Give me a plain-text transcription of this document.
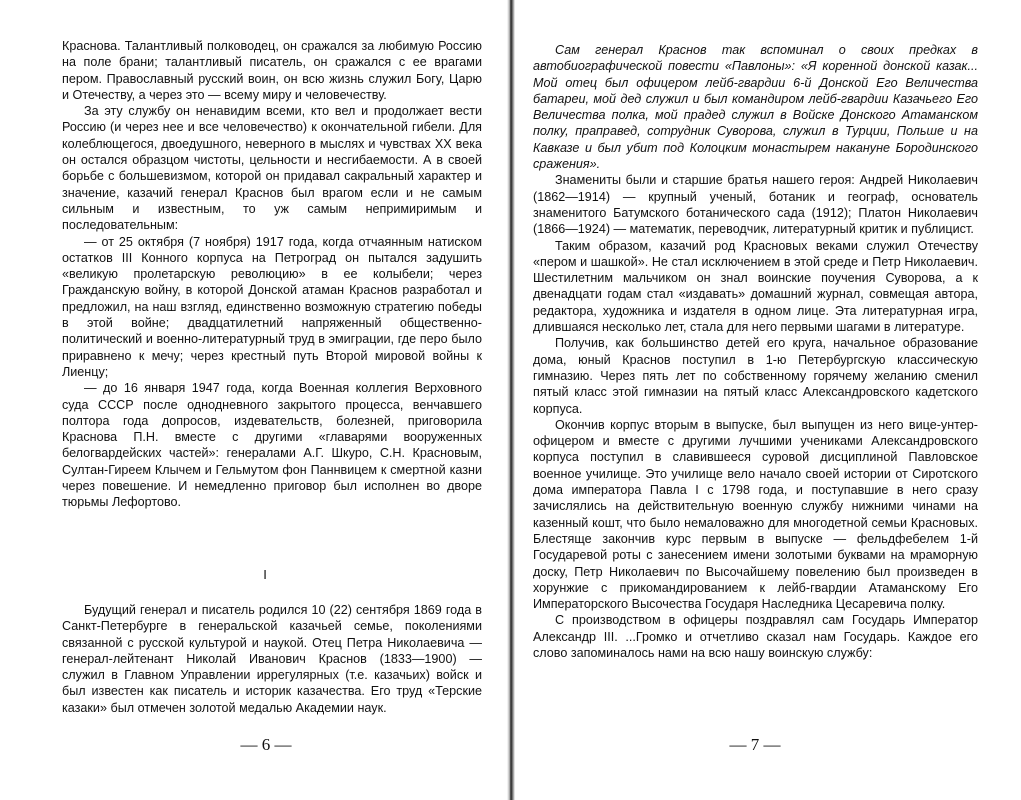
Краснова. Талантливый полководец, он сражался за любимую Россию на поле брани; талантливый писатель, он сражался с ее врагами пером. Православный русский воин, он всю жизнь служил Богу, Царю и Отечеству, а через это — всему миру и человечеству.

За эту службу он ненавидим всеми, кто вел и продолжает вести Россию (и через нее и все человечество) к окончательной гибели. Для колеблющегося, двоедушного, неверного в мыслях и чувствах XX века он остался образцом чистоты, цельности и несгибаемости. А в своей борьбе с большевизмом, которой он придавал сакральный характер и значение, казачий генерал Краснов был врагом если и не самым сильным и известным, то уж самым непримиримым и последовательным:

— от 25 октября (7 ноября) 1917 года, когда отчаянным натиском остатков III Конного корпуса на Петроград он пытался задушить «великую пролетарскую революцию» в ее колыбели; через Гражданскую войну, в которой Донской атаман Краснов разработал и предложил, на наш взгляд, единственно возможную стратегию победы в этой войне; двадцатилетний напряженный общественно-политический и военно-литературный труд в эмиграции, где перо было приравнено к мечу; через крестный путь Второй мировой войны к Лиенцу;

— до 16 января 1947 года, когда Военная коллегия Верховного суда СССР после однодневного закрытого процесса, венчавшего полтора года допросов, издевательств, болезней, приговорила Краснова П.Н. вместе с другими «главарями вооруженных белогвардейских частей»: генералами А.Г. Шкуро, С.Н. Красновым, Султан-Гиреем Клычем и Гельмутом фон Паннвицем к смертной казни через повешение. И немедленно приговор был исполнен во дворе тюрьмы Лефортово.

I

Будущий генерал и писатель родился 10 (22) сентября 1869 года в Санкт-Петербурге в генеральской казачьей семье, поколениями связанной с русской культурой и наукой. Отец Петра Николаевича — генерал-лейтенант Николай Иванович Краснов (1833—1900) — служил в Главном Управлении иррегулярных (т.е. казачьих) войск и был известен как писатель и историк казачества. Его труд «Терские казаки» был отмечен золотой медалью Академии наук.

— 6 —

Сам генерал Краснов так вспоминал о своих предках в автобиографической повести «Павлоны»: «Я коренной донской казак... Мой отец был офицером лейб-гвардии 6-й Донской Его Величества батареи, мой дед служил и был командиром лейб-гвардии Казачьего Его Величества полка, мой прадед служил в Войске Донского Атаманском полку, праправед, сотрудник Суворова, служил в Турции, Польше и на Кавказе и был убит под Колоцким монастырем накануне Бородинского сражения».

Знамениты были и старшие братья нашего героя: Андрей Николаевич (1862—1914) — крупный ученый, ботаник и географ, основатель знаменитого Батумского ботанического сада (1912); Платон Николаевич (1866—1924) — математик, переводчик, литературный критик и публицист.

Таким образом, казачий род Красновых веками служил Отечеству «пером и шашкой». Не стал исключением в этой среде и Петр Николаевич. Шестилетним мальчиком он знал воинские поучения Суворова, а к двенадцати годам стал «издавать» домашний журнал, совмещая автора, редактора, художника и издателя в одном лице. Эта литературная игра, длившаяся несколько лет, стала для него первыми шагами в литературе.

Получив, как большинство детей его круга, начальное образование дома, юный Краснов поступил в 1-ю Петербургскую классическую гимназию. Через пять лет по собственному горячему желанию сменил пятый класс этой гимназии на пятый класс Александровского кадетского корпуса.

Окончив корпус вторым в выпуске, был выпущен из него вице-унтер-офицером и вместе с другими лучшими учениками Александровского корпуса поступил в славившееся суровой дисциплиной Павловское военное училище. Это училище вело начало своей истории от Сиротского дома императора Павла I с 1798 года, и поступавшие в него сразу зачислялись на действительную военную службу нижними чинами на казенный кошт, что было немаловажно для многодетной семьи Красновых. Блестяще закончив курс первым в выпуске — фельдфебелем 1-й Государевой роты с занесением имени золотыми буквами на мраморную доску, Петр Николаевич по Высочайшему повелению был произведен в хорунжие с прикомандированием к лейб-гвардии Атаманскому Его Императорского Высочества Государя Наследника Цесаревича полку.

С производством в офицеры поздравлял сам Государь Император Александр III. ...Громко и отчетливо сказал нам Государь. Каждое его слово запоминалось нами на всю нашу воинскую службу:

— 7 —
